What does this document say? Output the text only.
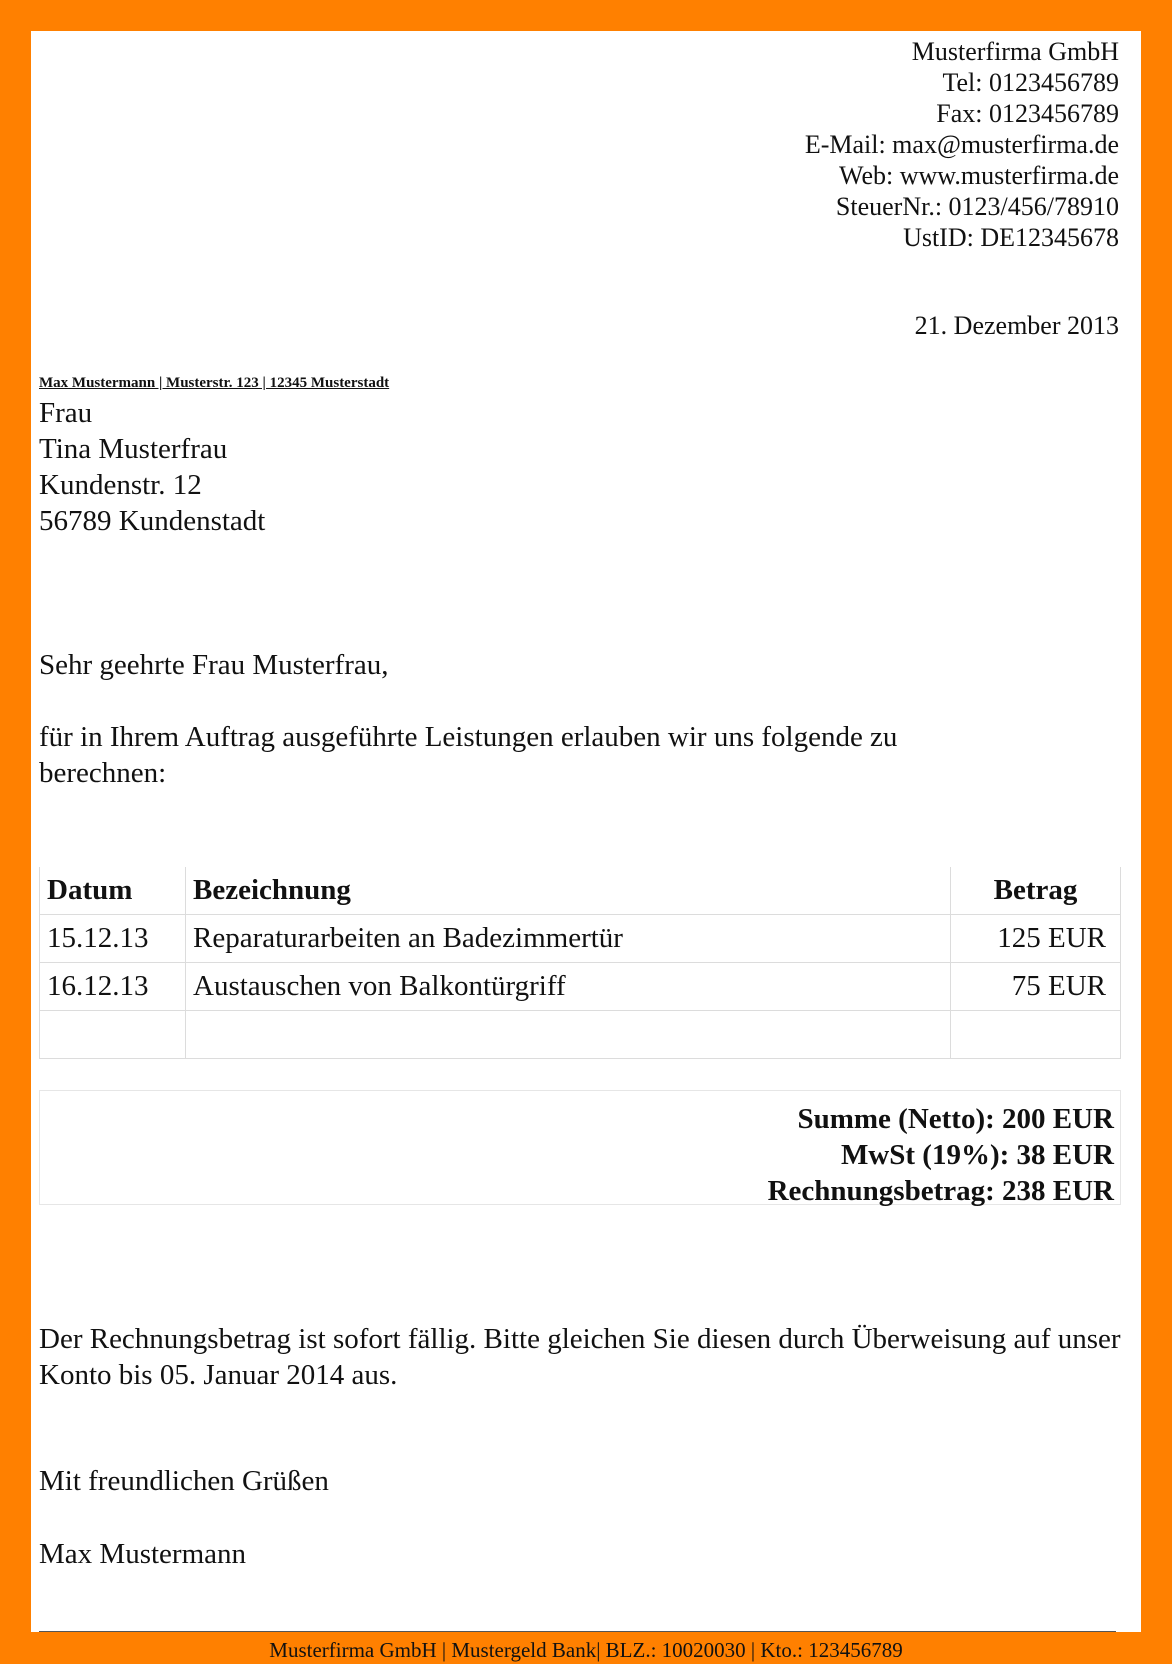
Musterfirma GmbH
Tel: 0123456789
Fax: 0123456789
E-Mail: max@musterfirma.de
Web: www.musterfirma.de
SteuerNr.: 0123/456/78910
UstID: DE12345678
21. Dezember 2013
Max Mustermann | Musterstr. 123 | 12345 Musterstadt
Frau
Tina Musterfrau
Kundenstr. 12
56789 Kundenstadt
Sehr geehrte Frau Musterfrau,
für in Ihrem Auftrag ausgeführte Leistungen erlauben wir uns folgende zu berechnen:
Datum	Bezeichnung	Betrag
15.12.13	Reparaturarbeiten an Badezimmertür	125 EUR
16.12.13	Austauschen von Balkontürgriff	75 EUR

Summe (Netto): 200 EUR
MwSt (19%): 38 EUR
Rechnungsbetrag: 238 EUR
Der Rechnungsbetrag ist sofort fällig. Bitte gleichen Sie diesen durch Überweisung auf unser Konto bis 05. Januar 2014 aus.
Mit freundlichen Grüßen
Max Mustermann
Musterfirma GmbH | Mustergeld Bank| BLZ.: 10020030 | Kto.: 123456789
